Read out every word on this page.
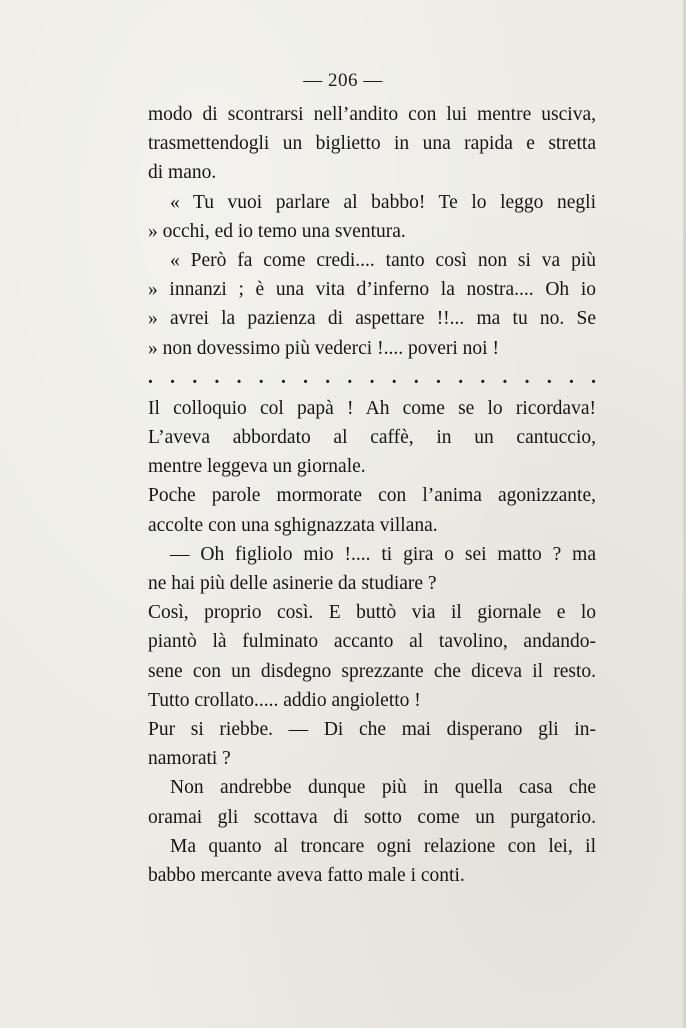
— 206 —
modo di scontrarsi nell’andito con lui mentre usciva,
trasmettendogli un biglietto in una rapida e stretta
di mano.
« Tu vuoi parlare al babbo! Te lo leggo negli
» occhi, ed io temo una sventura.
« Però fa come credi.... tanto così non si va più
» innanzi ; è una vita d’inferno la nostra.... Oh io
» avrei la pazienza di aspettare !!... ma tu no. Se
» non dovessimo più vederci !.... poveri noi !
. . . . . . . . . . . . . . . . . . . . .
Il colloquio col papà ! Ah come se lo ricordava!
L’aveva abbordato al caffè, in un cantuccio,
mentre leggeva un giornale.
Poche parole mormorate con l’anima agonizzante,
accolte con una sghignazzata villana.
— Oh figliolo mio !.... ti gira o sei matto ? ma
ne hai più delle asinerie da studiare ?
Così, proprio così. E buttò via il giornale e lo
piantò là fulminato accanto al tavolino, andando-
sene con un disdegno sprezzante che diceva il resto.
Tutto crollato..... addio angioletto !
Pur si riebbe. — Di che mai disperano gli in-
namorati ?
Non andrebbe dunque più in quella casa che
oramai gli scottava di sotto come un purgatorio.
Ma quanto al troncare ogni relazione con lei, il
babbo mercante aveva fatto male i conti.
